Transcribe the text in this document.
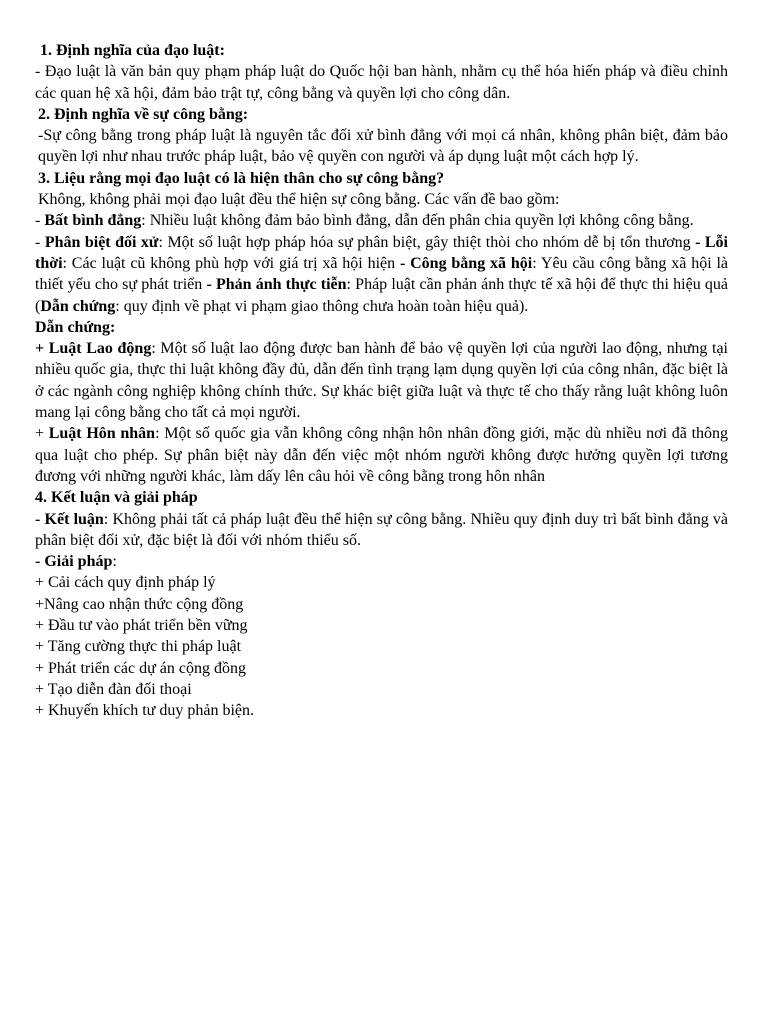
1. Định nghĩa của đạo luật:

- Đạo luật là văn bản quy phạm pháp luật do Quốc hội ban hành, nhằm cụ thể hóa hiến pháp và điều chỉnh các quan hệ xã hội, đảm bảo trật tự, công bằng và quyền lợi cho công dân.

2. Định nghĩa về sự công bằng:

-Sự công bằng trong pháp luật là nguyên tắc đối xử bình đẳng với mọi cá nhân, không phân biệt, đảm bảo quyền lợi như nhau trước pháp luật, bảo vệ quyền con người và áp dụng luật một cách hợp lý.

3. Liệu rằng mọi đạo luật có là hiện thân cho sự công bằng?

Không, không phải mọi đạo luật đều thể hiện sự công bằng. Các vấn đề bao gồm:

- Bất bình đẳng: Nhiều luật không đảm bảo bình đẳng, dẫn đến phân chia quyền lợi không công bằng.

- Phân biệt đối xử: Một số luật hợp pháp hóa sự phân biệt, gây thiệt thòi cho nhóm dễ bị tổn thương - Lỗi thời: Các luật cũ không phù hợp với giá trị xã hội hiện - Công bằng xã hội: Yêu cầu công bằng xã hội là thiết yếu cho sự phát triển - Phản ánh thực tiễn: Pháp luật cần phản ánh thực tế xã hội để thực thi hiệu quả (Dẫn chứng: quy định về phạt vi phạm giao thông chưa hoàn toàn hiệu quả).

Dẫn chứng:

+ Luật Lao động: Một số luật lao động được ban hành để bảo vệ quyền lợi của người lao động, nhưng tại nhiều quốc gia, thực thi luật không đầy đủ, dẫn đến tình trạng lạm dụng quyền lợi của công nhân, đặc biệt là ở các ngành công nghiệp không chính thức. Sự khác biệt giữa luật và thực tế cho thấy rằng luật không luôn mang lại công bằng cho tất cả mọi người.

+ Luật Hôn nhân: Một số quốc gia vẫn không công nhận hôn nhân đồng giới, mặc dù nhiều nơi đã thông qua luật cho phép. Sự phân biệt này dẫn đến việc một nhóm người không được hưởng quyền lợi tương đương với những người khác, làm dấy lên câu hỏi về công bằng trong hôn nhân

4. Kết luận và giải pháp

- Kết luận: Không phải tất cả pháp luật đều thể hiện sự công bằng. Nhiều quy định duy trì bất bình đẳng và phân biệt đối xử, đặc biệt là đối với nhóm thiểu số.

- Giải pháp:

+ Cải cách quy định pháp lý

+Nâng cao nhận thức cộng đồng

+ Đầu tư vào phát triển bền vững

+ Tăng cường thực thi pháp luật

+ Phát triển các dự án cộng đồng

+ Tạo diễn đàn đối thoại

+ Khuyến khích tư duy phản biện.
